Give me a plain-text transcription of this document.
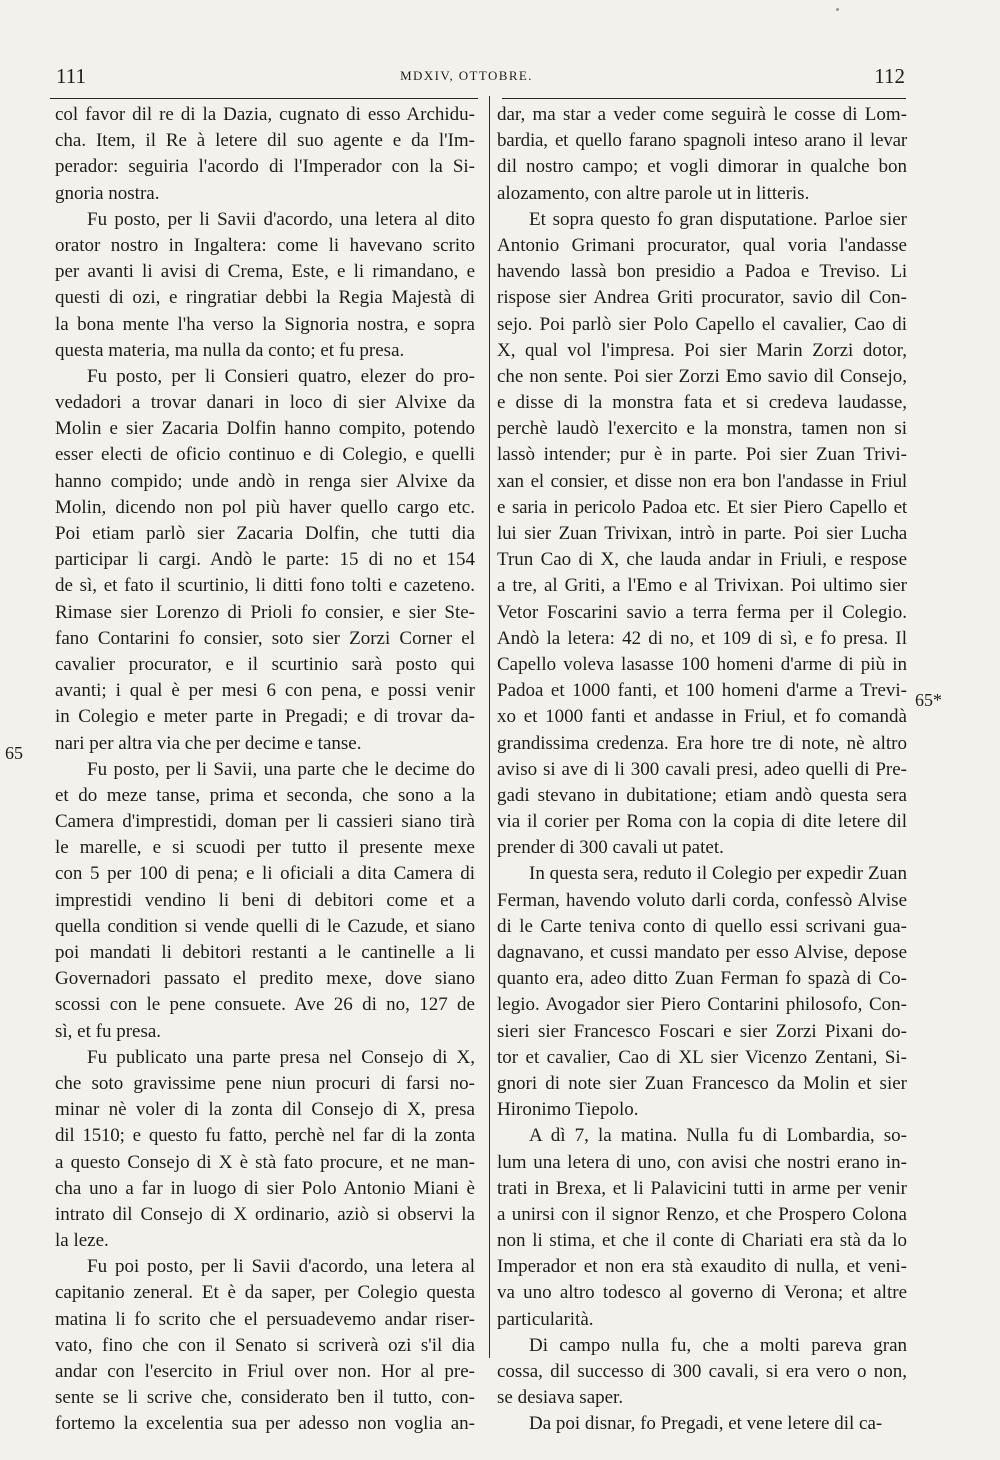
111	MDXIV, OTTOBRE.	112
65
65*
col favor dil re di la Dazia, cugnato di esso Archidu-
cha. Item, il Re à letere dil suo agente e da l'Im-
perador: seguiria l'acordo di l'Imperador con la Si-
gnoria nostra.
Fu posto, per li Savii d'acordo, una letera al dito
orator nostro in Ingaltera: come li havevano scrito
per avanti li avisi di Crema, Este, e li rimandano, e
questi di ozi, e ringratiar debbi la Regia Majestà di
la bona mente l'ha verso la Signoria nostra, e sopra
questa materia, ma nulla da conto; et fu presa.
Fu posto, per li Consieri quatro, elezer do pro-
vedadori a trovar danari in loco di sier Alvixe da
Molin e sier Zacaria Dolfin hanno compito, potendo
esser electi de oficio continuo e di Colegio, e quelli
hanno compido; unde andò in renga sier Alvixe da
Molin, dicendo non pol più haver quello cargo etc.
Poi etiam parlò sier Zacaria Dolfin, che tutti dia
participar li cargi. Andò le parte: 15 di no et 154
de sì, et fato il scurtinio, li ditti fono tolti e cazeteno.
Rimase sier Lorenzo di Prioli fo consier, e sier Ste-
fano Contarini fo consier, soto sier Zorzi Corner el
cavalier procurator, e il scurtinio sarà posto qui
avanti; i qual è per mesi 6 con pena, e possi venir
in Colegio e meter parte in Pregadi; e di trovar da-
nari per altra via che per decime e tanse.
Fu posto, per li Savii, una parte che le decime do
et do meze tanse, prima et seconda, che sono a la
Camera d'imprestidi, doman per li cassieri siano tirà
le marelle, e si scuodi per tutto il presente mexe
con 5 per 100 di pena; e li oficiali a dita Camera di
imprestidi vendino li beni di debitori come et a
quella condition si vende quelli di le Cazude, et siano
poi mandati li debitori restanti a le cantinelle a li
Governadori passato el predito mexe, dove siano
scossi con le pene consuete. Ave 26 di no, 127 de
sì, et fu presa.
Fu publicato una parte presa nel Consejo di X,
che soto gravissime pene niun procuri di farsi no-
minar nè voler di la zonta dil Consejo di X, presa
dil 1510; e questo fu fatto, perchè nel far di la zonta
a questo Consejo di X è stà fato procure, et ne man-
cha uno a far in luogo di sier Polo Antonio Miani è
intrato dil Consejo di X ordinario, aziò si observi la
la leze.
Fu poi posto, per li Savii d'acordo, una letera al
capitanio zeneral. Et è da saper, per Colegio questa
matina li fo scrito che el persuadevemo andar riser-
vato, fino che con il Senato si scriverà ozi s'il dia
andar con l'esercito in Friul over non. Hor al pre-
sente se li scrive che, considerato ben il tutto, con-
fortemo la excelentia sua per adesso non voglia an-
dar, ma star a veder come seguirà le cosse di Lom-
bardia, et quello farano spagnoli inteso arano il levar
dil nostro campo; et vogli dimorar in qualche bon
alozamento, con altre parole ut in litteris.
Et sopra questo fo gran disputatione. Parloe sier
Antonio Grimani procurator, qual voria l'andasse
havendo lassà bon presidio a Padoa e Treviso. Li
rispose sier Andrea Griti procurator, savio dil Con-
sejo. Poi parlò sier Polo Capello el cavalier, Cao di
X, qual vol l'impresa. Poi sier Marin Zorzi dotor,
che non sente. Poi sier Zorzi Emo savio dil Consejo,
e disse di la monstra fata et si credeva laudasse,
perchè laudò l'exercito e la monstra, tamen non si
lassò intender; pur è in parte. Poi sier Zuan Trivi-
xan el consier, et disse non era bon l'andasse in Friul
e saria in pericolo Padoa etc. Et sier Piero Capello et
lui sier Zuan Trivixan, intrò in parte. Poi sier Lucha
Trun Cao di X, che lauda andar in Friuli, e respose
a tre, al Griti, a l'Emo e al Trivixan. Poi ultimo sier
Vetor Foscarini savio a terra ferma per il Colegio.
Andò la letera: 42 di no, et 109 di sì, e fo presa. Il
Capello voleva lasasse 100 homeni d'arme di più in
Padoa et 1000 fanti, et 100 homeni d'arme a Trevi-
xo et 1000 fanti et andasse in Friul, et fo comandà
grandissima credenza. Era hore tre di note, nè altro
aviso si ave di li 300 cavali presi, adeo quelli di Pre-
gadi stevano in dubitatione; etiam andò questa sera
via il corier per Roma con la copia di dite letere dil
prender di 300 cavali ut patet.
In questa sera, reduto il Colegio per expedir Zuan
Ferman, havendo voluto darli corda, confessò Alvise
di le Carte teniva conto di quello essi scrivani gua-
dagnavano, et cussi mandato per esso Alvise, depose
quanto era, adeo ditto Zuan Ferman fo spazà di Co-
legio. Avogador sier Piero Contarini philosofo, Con-
sieri sier Francesco Foscari e sier Zorzi Pixani do-
tor et cavalier, Cao di XL sier Vicenzo Zentani, Si-
gnori di note sier Zuan Francesco da Molin et sier
Hironimo Tiepolo.
A dì 7, la matina. Nulla fu di Lombardia, so-
lum una letera di uno, con avisi che nostri erano in-
trati in Brexa, et li Palavicini tutti in arme per venir
a unirsi con il signor Renzo, et che Prospero Colona
non li stima, et che il conte di Chariati era stà da lo
Imperador et non era stà exaudito di nulla, et veni-
va uno altro todesco al governo di Verona; et altre
particularità.
Di campo nulla fu, che a molti pareva gran
cossa, dil successo di 300 cavali, si era vero o non,
se desiava saper.
Da poi disnar, fo Pregadi, et vene letere dil ca-
